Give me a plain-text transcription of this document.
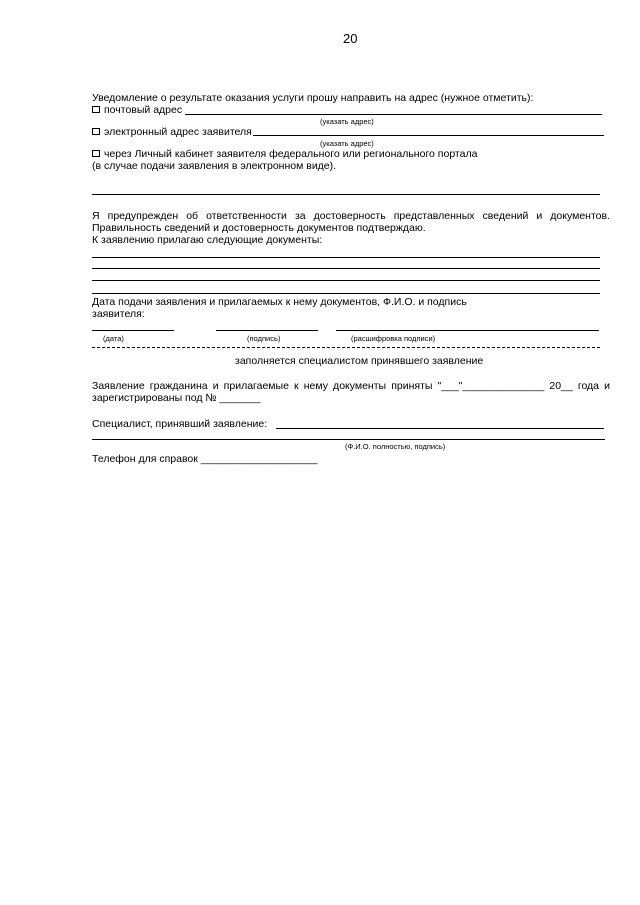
20
Уведомление о результате оказания услуги прошу направить на адрес (нужное отметить):
почтовый адрес
(указать адрес)
электронный адрес заявителя
(указать адрес)
через Личный кабинет заявителя федерального или регионального портала
(в случае подачи заявления в электронном виде).
Я предупрежден об ответственности за достоверность представленных сведений и документов.
Правильность сведений и достоверность документов подтверждаю.
К заявлению прилагаю следующие документы:
Дата подачи заявления и прилагаемых к нему документов, Ф.И.О. и подпись
заявителя:
(дата)	(подпись)	(расшифровка подписи)
заполняется специалистом принявшего заявление
Заявление гражданина и прилагаемые к нему документы приняты "___"______________ 20__ года и
зарегистрированы под № _______
Специалист, принявший заявление:
(Ф.И.О. полностью, подпись)
Телефон для справок ____________________
